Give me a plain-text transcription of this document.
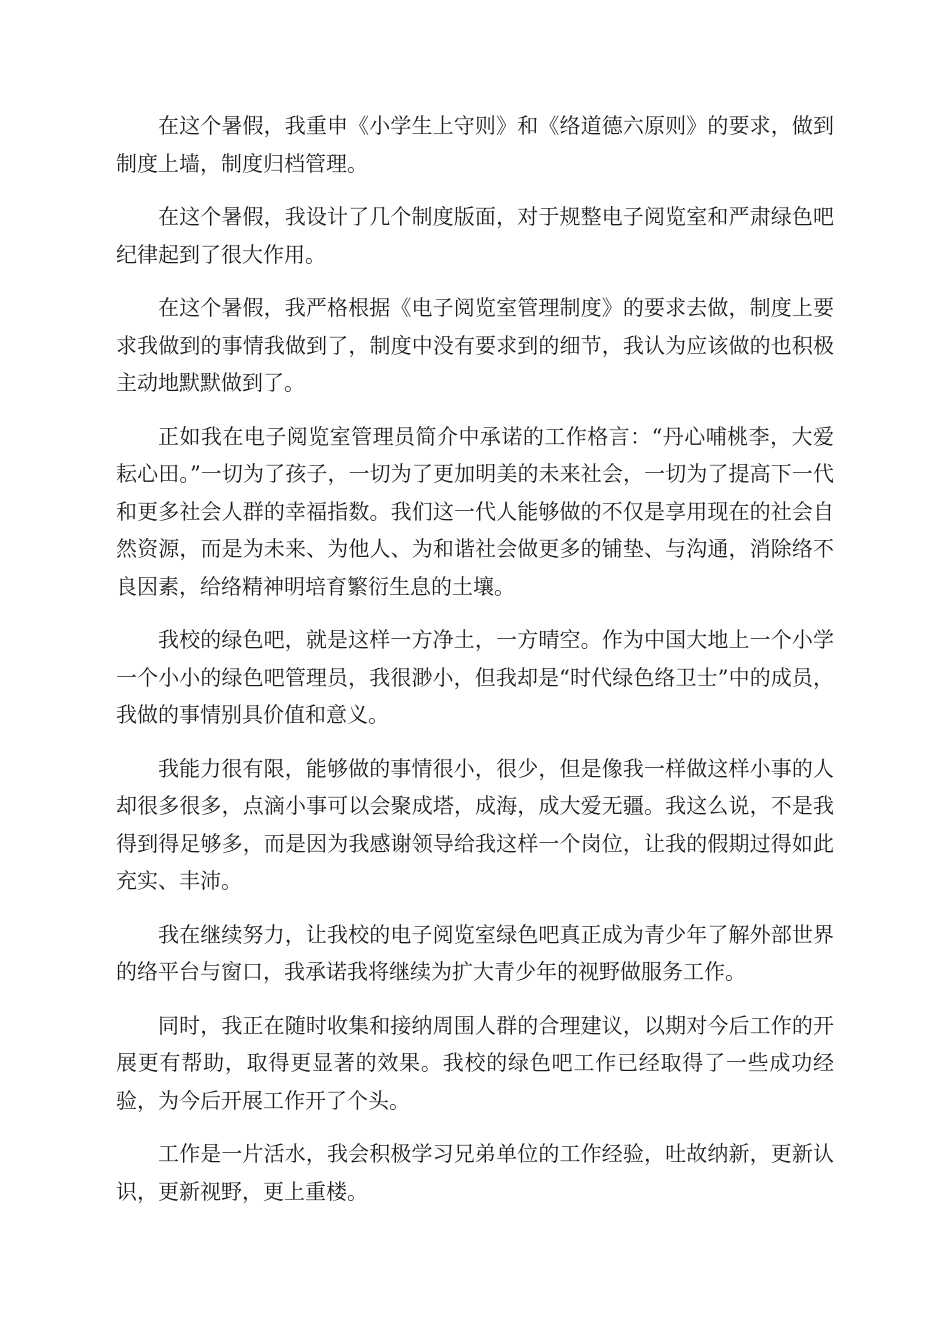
在这个暑假，我重申《小学生上守则》和《络道德六原则》的要求，做到制度上墙，制度归档管理。

在这个暑假，我设计了几个制度版面，对于规整电子阅览室和严肃绿色吧纪律起到了很大作用。

在这个暑假，我严格根据《电子阅览室管理制度》的要求去做，制度上要求我做到的事情我做到了，制度中没有要求到的细节，我认为应该做的也积极主动地默默做到了。

正如我在电子阅览室管理员简介中承诺的工作格言：“丹心哺桃李，大爱耘心田。”一切为了孩子，一切为了更加明美的未来社会，一切为了提高下一代和更多社会人群的幸福指数。我们这一代人能够做的不仅是享用现在的社会自然资源，而是为未来、为他人、为和谐社会做更多的铺垫、与沟通，消除络不良因素，给络精神明培育繁衍生息的土壤。

我校的绿色吧，就是这样一方净土，一方晴空。作为中国大地上一个小学一个小小的绿色吧管理员，我很渺小，但我却是“时代绿色络卫士”中的成员，我做的事情别具价值和意义。

我能力很有限，能够做的事情很小，很少，但是像我一样做这样小事的人却很多很多，点滴小事可以会聚成塔，成海，成大爱无疆。我这么说，不是我得到得足够多，而是因为我感谢领导给我这样一个岗位，让我的假期过得如此充实、丰沛。

我在继续努力，让我校的电子阅览室绿色吧真正成为青少年了解外部世界的络平台与窗口，我承诺我将继续为扩大青少年的视野做服务工作。

同时，我正在随时收集和接纳周围人群的合理建议，以期对今后工作的开展更有帮助，取得更显著的效果。我校的绿色吧工作已经取得了一些成功经验，为今后开展工作开了个头。

工作是一片活水，我会积极学习兄弟单位的工作经验，吐故纳新，更新认识，更新视野，更上重楼。
